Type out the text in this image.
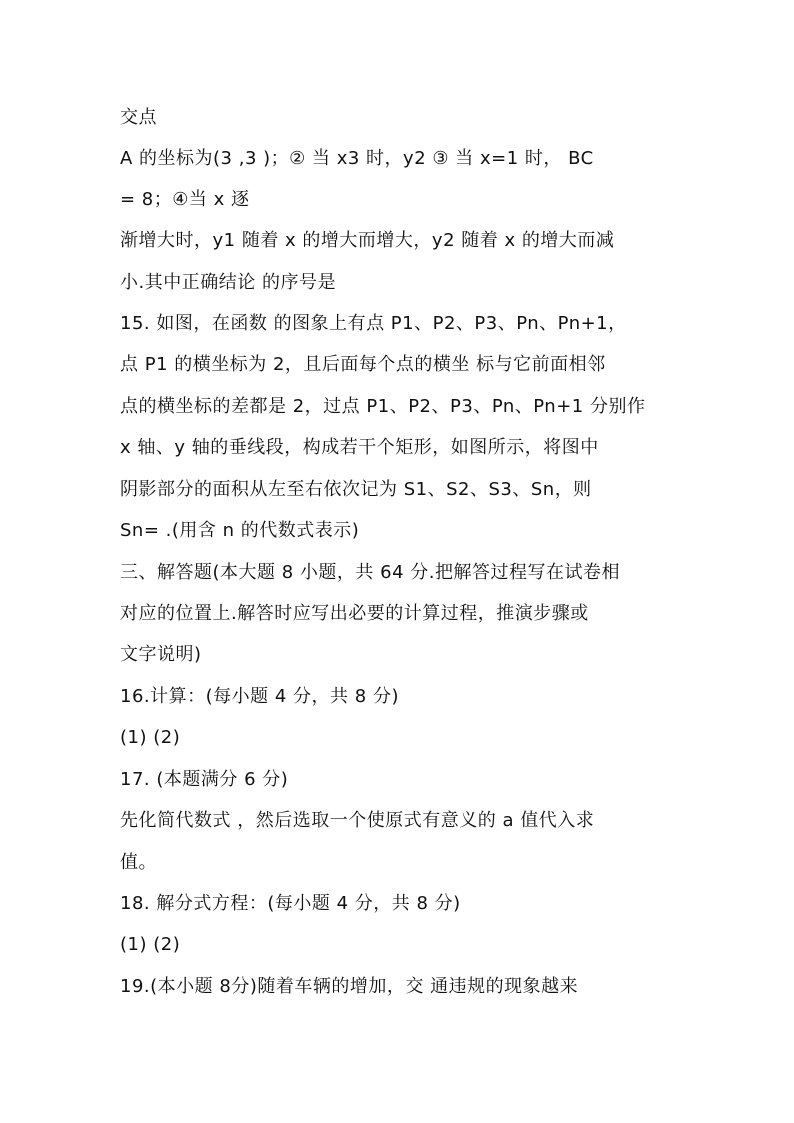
交点
A 的坐标为(3 ,3 )；② 当 x3 时，y2 ③ 当 x=1 时， BC
= 8；④当 x 逐
渐增大时，y1 随着 x 的增大而增大，y2 随着 x 的增大而减
小.其中正确结论 的序号是
15. 如图，在函数 的图象上有点 P1、P2、P3、Pn、Pn+1，
点 P1 的横坐标为 2，且后面每个点的横坐 标与它前面相邻
点的横坐标的差都是 2，过点 P1、P2、P3、Pn、Pn+1 分别作
x 轴、y 轴的垂线段，构成若干个矩形，如图所示，将图中
阴影部分的面积从左至右依次记为 S1、S2、S3、Sn，则
Sn= .(用含 n 的代数式表示)
三、解答题(本大题 8 小题，共 64 分.把解答过程写在试卷相
对应的位置上.解答时应写出必要的计算过程，推演步骤或
文字说明)
16.计算：(每小题 4 分，共 8 分)
(1) (2)
17. (本题满分 6 分)
先化简代数式 ，然后选取一个使原式有意义的 a 值代入求
值。
18. 解分式方程：(每小题 4 分，共 8 分)
(1) (2)
19.(本小题 8分)随着车辆的增加，交 通违规的现象越来
